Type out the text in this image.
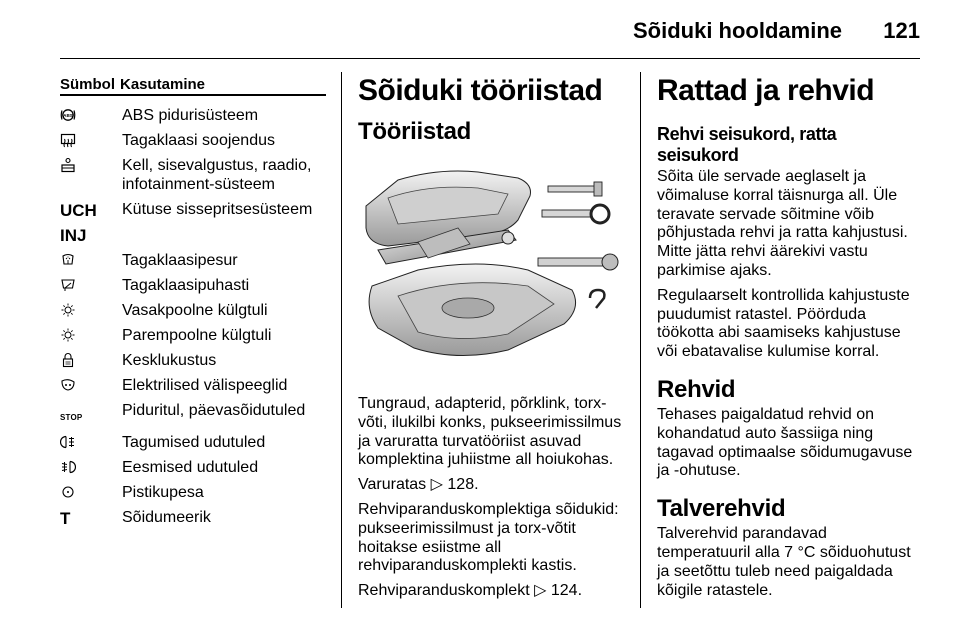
Sõiduki hooldamine 121
Sümbol Kasutamine
ABS	ABS pidurisüsteem
Tagaklaasi soojendus
Kell, sisevalgustus, raadio, infotainment-süsteem
UCH Kütuse sissepritsesüsteem
INJ
Tagaklaasipesur
Tagaklaasipuhasti
Vasakpoolne külgtuli
Parempoolne külgtuli
Kesklukustus
Elektrilised välispeeglid
STOP Piduritul, päevasõidutuled
Tagumised udutuled
Eesmised udutuled
Pistikupesa
T	Sõidumeerik
Sõiduki tööriistad
Tööriistad

Tungraud, adapterid, põrklink, torx-võti, ilukilbi konks, pukseerimissilmus ja varuratta turvatööriist asuvad komplektina juhiistme all hoiukohas.

Varuratas ▷ 128.

Rehviparanduskomplektiga sõidukid: pukseerimissilmust ja torx-võtit hoitakse esiistme all rehviparanduskomplekti kastis.

Rehviparanduskomplekt ▷ 124.

Rattad ja rehvid
Rehvi seisukord, ratta seisukord

Sõita üle servade aeglaselt ja võimaluse korral täisnurga all. Üle teravate servade sõitmine võib põhjustada rehvi ja ratta kahjustusi. Mitte jätta rehvi äärekivi vastu parkimise ajaks.

Regulaarselt kontrollida kahjustuste puudumist ratastel. Pöörduda töökotta abi saamiseks kahjustuse või ebatavalise kulumise korral.

Rehvid

Tehases paigaldatud rehvid on kohandatud auto šassiiga ning tagavad optimaalse sõidumugavuse ja -ohutuse.

Talverehvid

Talverehvid parandavad temperatuuril alla 7 °C sõiduohutust ja seetõttu tuleb need paigaldada kõigile ratastele.
